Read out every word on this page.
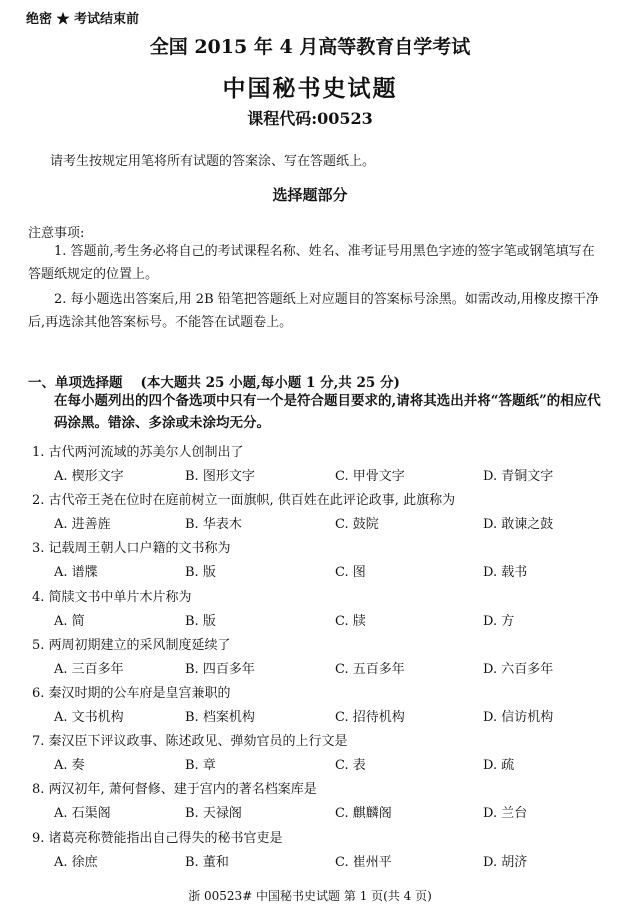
绝密 ★ 考试结束前
全国 2015 年 4 月高等教育自学考试
中国秘书史试题
课程代码:00523
请考生按规定用笔将所有试题的答案涂、写在答题纸上。
选择题部分
注意事项:

1. 答题前,考生务必将自己的考试课程名称、姓名、准考证号用黑色字迹的签字笔或钢笔填写在答题纸规定的位置上。

2. 每小题选出答案后,用 2B 铅笔把答题纸上对应题目的答案标号涂黑。如需改动,用橡皮擦干净后,再选涂其他答案标号。不能答在试题卷上。

一、单项选择题 (本大题共 25 小题,每小题 1 分,共 25 分)
在每小题列出的四个备选项中只有一个是符合题目要求的,请将其选出并将“答题纸”的相应代码涂黑。错涂、多涂或未涂均无分。
1. 古代两河流域的苏美尔人创制出了
A. 楔形文字	B. 图形文字	C. 甲骨文字	D. 青铜文字
2. 古代帝王尧在位时在庭前树立一面旗帜, 供百姓在此评论政事, 此旗称为
A. 进善旌	B. 华表木	C. 鼓院	D. 敢谏之鼓
3. 记载周王朝人口户籍的文书称为
A. 谱牒	B. 版	C. 图	D. 载书
4. 简牍文书中单片木片称为
A. 简	B. 版	C. 牍	D. 方
5. 两周初期建立的采风制度延续了
A. 三百多年	B. 四百多年	C. 五百多年	D. 六百多年
6. 秦汉时期的公车府是皇宫兼职的
A. 文书机构	B. 档案机构	C. 招待机构	D. 信访机构
7. 秦汉臣下评议政事、陈述政见、弹劾官员的上行文是
A. 奏	B. 章	C. 表	D. 疏
8. 两汉初年, 萧何督修、建于宫内的著名档案库是
A. 石渠阁	B. 天禄阁	C. 麒麟阁	D. 兰台
9. 诸葛亮称赞能指出自己得失的秘书官吏是
A. 徐庶	B. 董和	C. 崔州平	D. 胡济
浙 00523# 中国秘书史试题 第 1 页(共 4 页)
